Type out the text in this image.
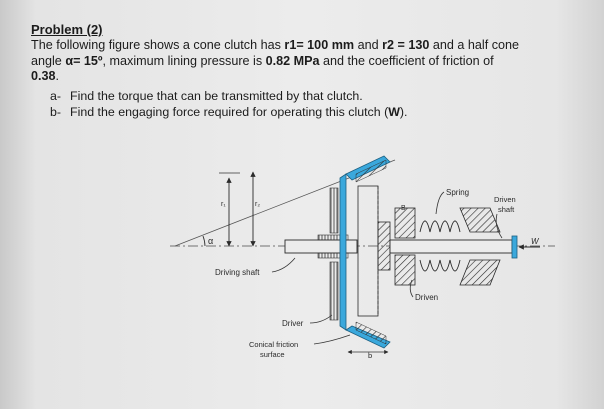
Problem (2)
The following figure shows a cone clutch has r1= 100 mm and r2 = 130 and a half cone
angle α= 15º, maximum lining pressure is 0.82 MPa and the coefficient of friction of
0.38.
a- Find the torque that can be transmitted by that clutch.
b- Find the engaging force required for operating this clutch (W).
α
r₁	r₂
W
Driving shaft
Driver
Conical friction
surface	b
B
Spring
Driven
Driven
shaft
